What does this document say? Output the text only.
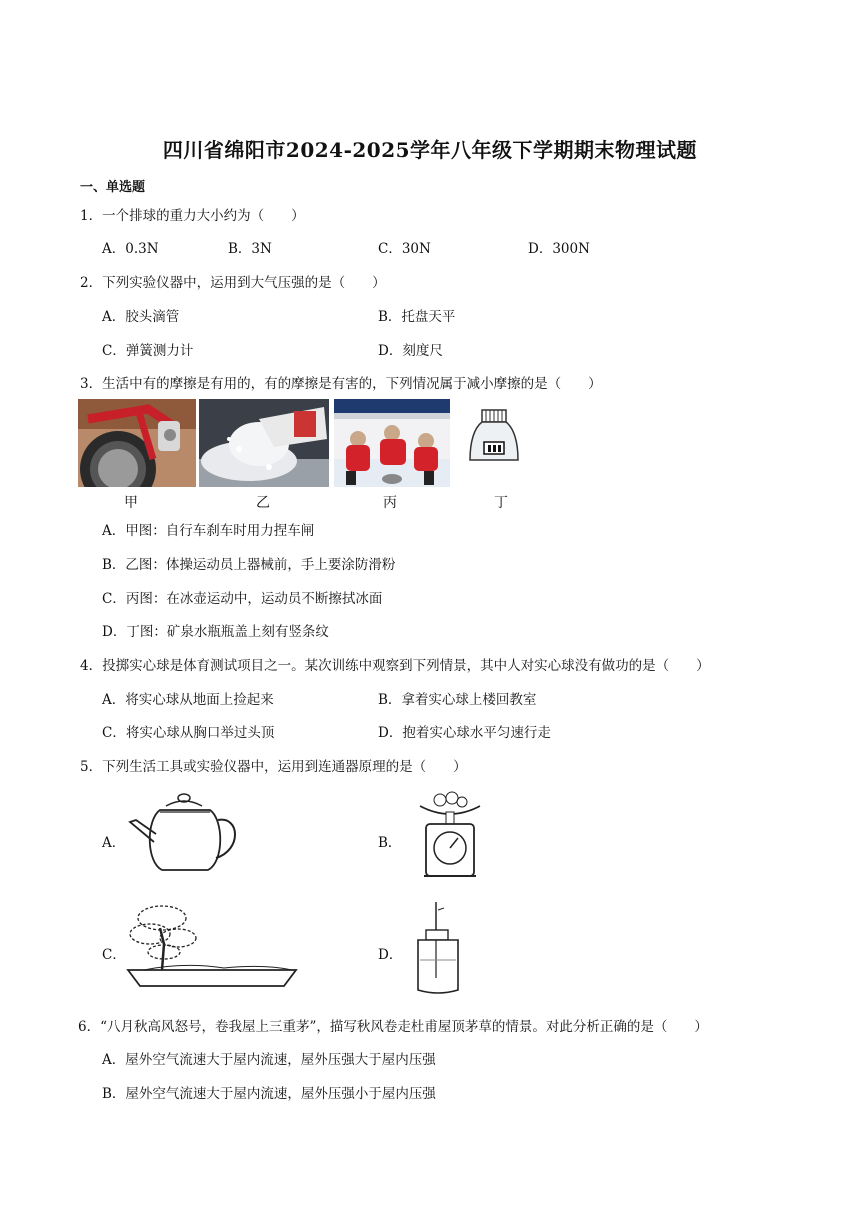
四川省绵阳市2024-2025学年八年级下学期期末物理试题
一、单选题
1．一个排球的重力大小约为（　　）
A．0.3N	B．3N	C．30N	D．300N
2．下列实验仪器中，运用到大气压强的是（　　）
A．胶头滴管	B．托盘天平
C．弹簧测力计	D．刻度尺
3．生活中有的摩擦是有用的，有的摩擦是有害的，下列情况属于减小摩擦的是（　　）
甲	乙	丙	丁
A．甲图：自行车刹车时用力捏车闸
B．乙图：体操运动员上器械前，手上要涂防滑粉
C．丙图：在冰壶运动中，运动员不断擦拭冰面
D．丁图：矿泉水瓶瓶盖上刻有竖条纹
4．投掷实心球是体育测试项目之一。某次训练中观察到下列情景，其中人对实心球没有做功的是（　　）
A．将实心球从地面上捡起来	B．拿着实心球上楼回教室
C．将实心球从胸口举过头顶	D．抱着实心球水平匀速行走
5．下列生活工具或实验仪器中，运用到连通器原理的是（　　）
A．	B．
C．	D．
6．“八月秋高风怒号，卷我屋上三重茅”，描写秋风卷走杜甫屋顶茅草的情景。对此分析正确的是（　　）
A．屋外空气流速大于屋内流速，屋外压强大于屋内压强
B．屋外空气流速大于屋内流速，屋外压强小于屋内压强
